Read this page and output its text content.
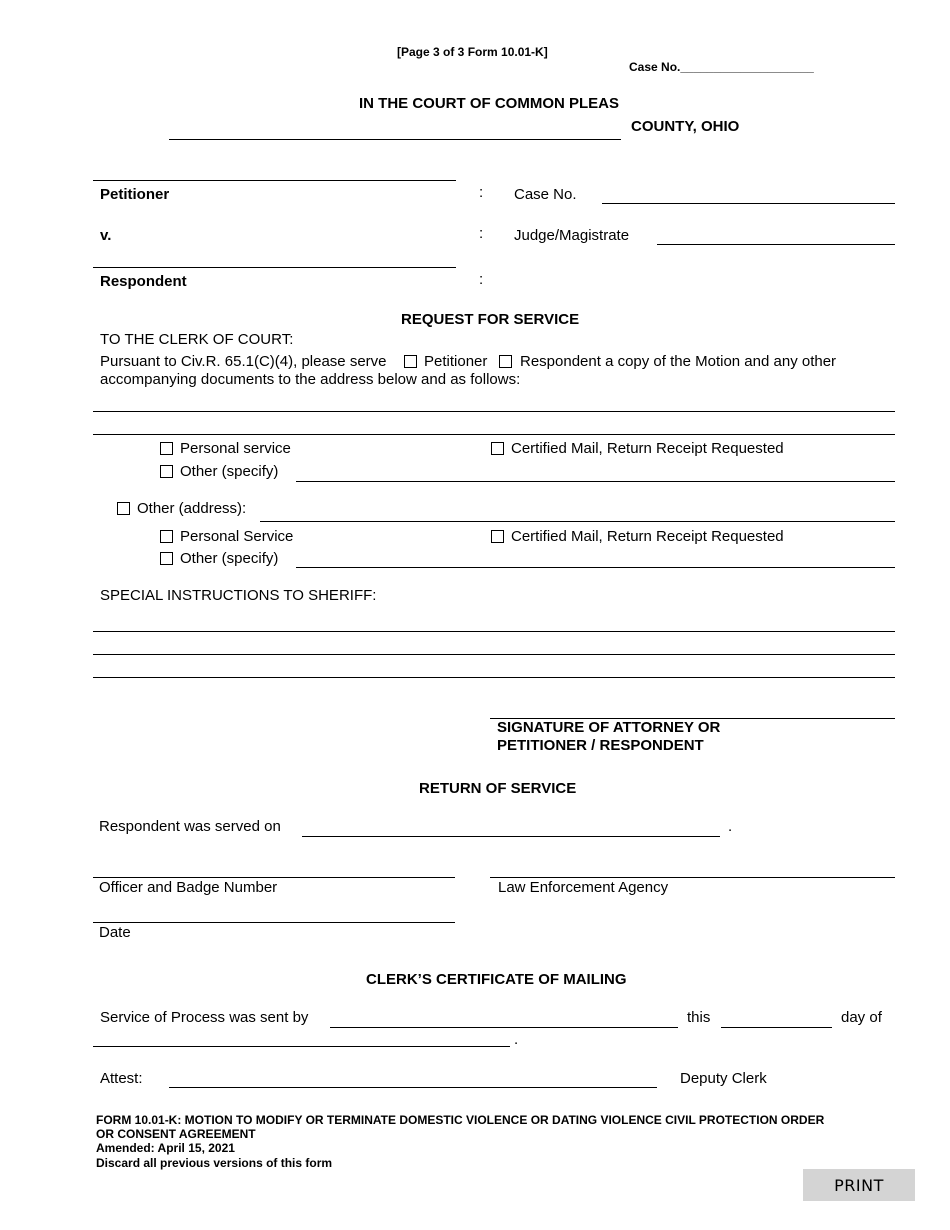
[Page 3 of 3 Form 10.01-K]
Case No.____________________
IN THE COURT OF COMMON PLEAS
COUNTY, OHIO
Petitioner	: Case No.
v.	: Judge/Magistrate
Respondent	:
REQUEST FOR SERVICE
TO THE CLERK OF COURT:
Pursuant to Civ.R. 65.1(C)(4), please serve Petitioner Respondent a copy of the Motion and any other
accompanying documents to the address below and as follows:
Personal service	Certified Mail, Return Receipt Requested
Other (specify)
Other (address):
Personal Service	Certified Mail, Return Receipt Requested
Other (specify)
SPECIAL INSTRUCTIONS TO SHERIFF:
SIGNATURE OF ATTORNEY OR
PETITIONER / RESPONDENT
RETURN OF SERVICE
Respondent was served on	.
Officer and Badge Number	Law Enforcement Agency
Date
CLERK’S CERTIFICATE OF MAILING
Service of Process was sent by	this	day of
.
Attest:	Deputy Clerk
FORM 10.01-K: MOTION TO MODIFY OR TERMINATE DOMESTIC VIOLENCE OR DATING VIOLENCE CIVIL PROTECTION ORDER
OR CONSENT AGREEMENT
Amended: April 15, 2021
Discard all previous versions of this form
PRINT
